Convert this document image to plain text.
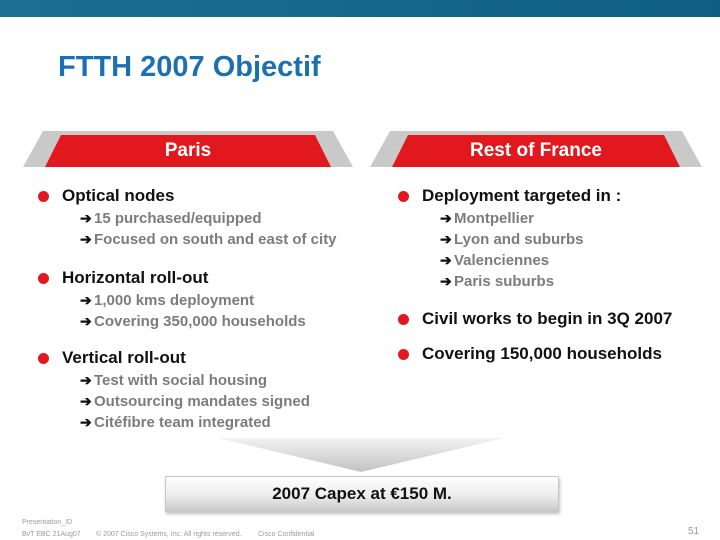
FTTH 2007 Objectif
Paris	Rest of France
Optical nodes
➔ 15 purchased/equipped
➔ Focused on south and east of city
Horizontal roll-out
➔ 1,000 kms deployment
➔ Covering 350,000 households
Vertical roll-out
➔ Test with social housing
➔ Outsourcing mandates signed
➔ Citéfibre team integrated
Deployment targeted in :
➔ Montpellier
➔ Lyon and suburbs
➔ Valenciennes
➔ Paris suburbs
Civil works to begin in 3Q 2007
Covering 150,000 households
2007 Capex at €150 M.
Presentation_ID
BvT EBC 21Aug07 © 2007 Cisco Systems, Inc. All rights reserved. Cisco Confidential	51
